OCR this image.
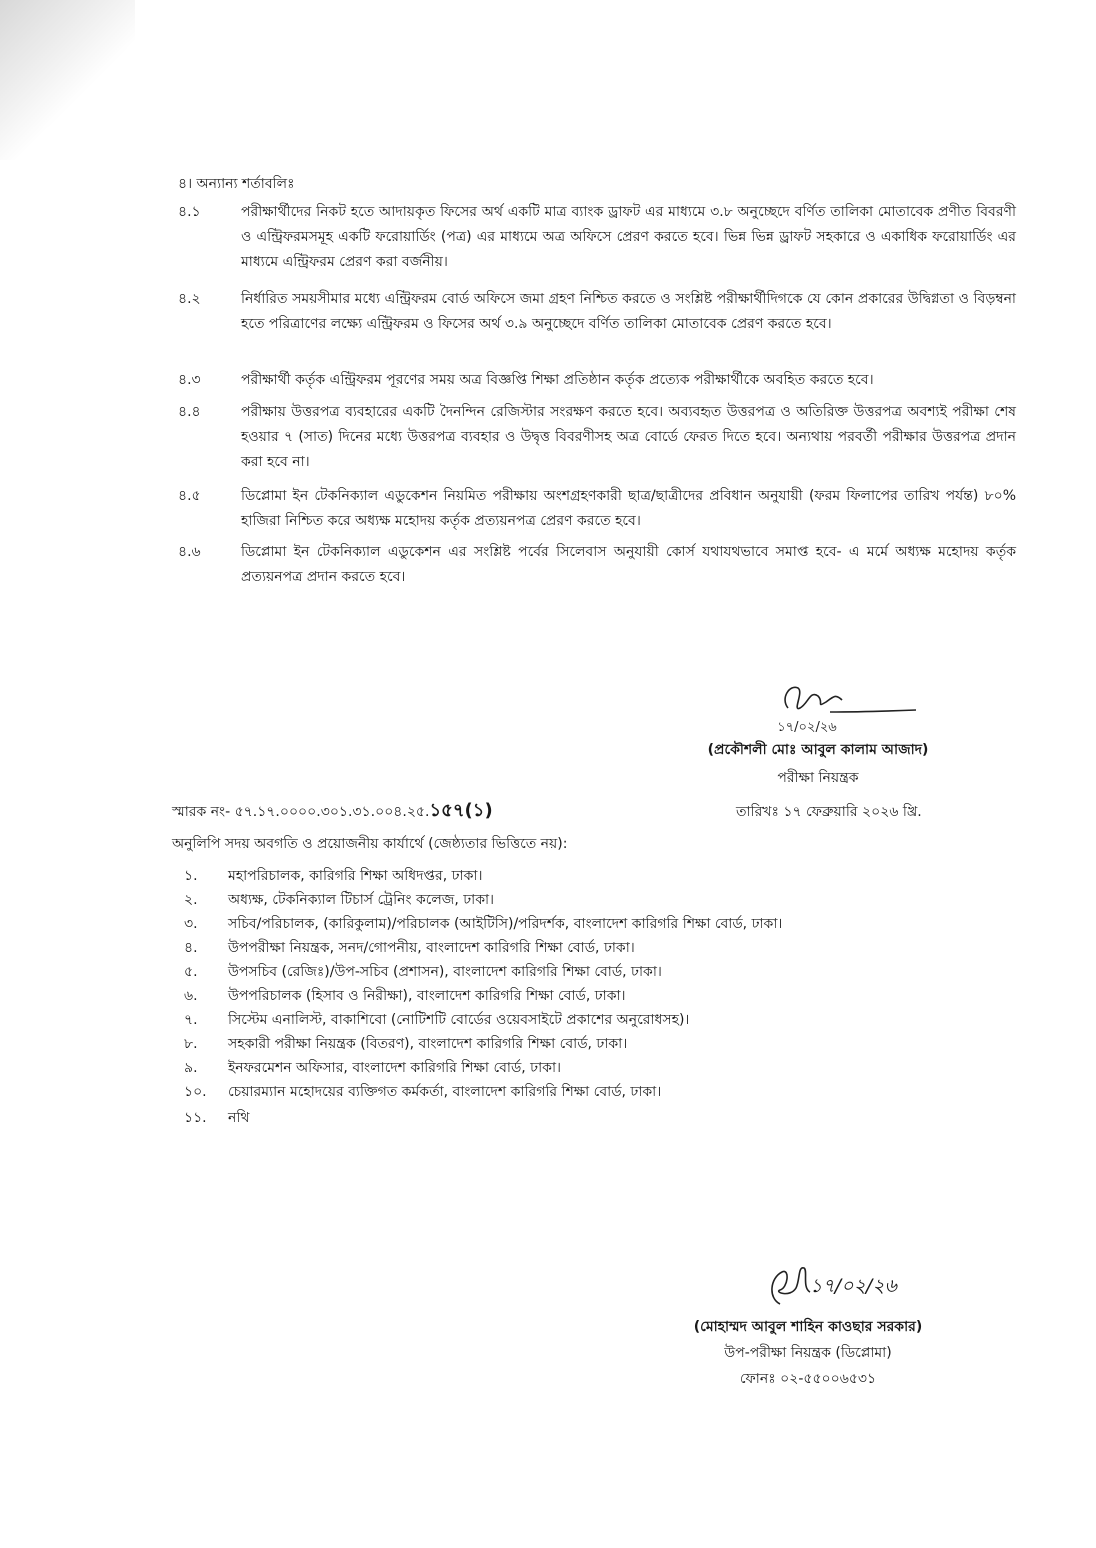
৪। অন্যান্য শর্তাবলিঃ
৪.১	পরীক্ষার্থীদের নিকট হতে আদায়কৃত ফিসের অর্থ একটি মাত্র ব্যাংক ড্রাফট এর মাধ্যমে ৩.৮ অনুচ্ছেদে বর্ণিত তালিকা মোতাবেক প্রণীত বিবরণী ও এন্ট্রিফরমসমূহ একটি ফরোয়ার্ডিং (পত্র) এর মাধ্যমে অত্র অফিসে প্রেরণ করতে হবে। ভিন্ন ভিন্ন ড্রাফট সহকারে ও একাধিক ফরোয়ার্ডিং এর মাধ্যমে এন্ট্রিফরম প্রেরণ করা বর্জনীয়।
৪.২	নির্ধারিত সময়সীমার মধ্যে এন্ট্রিফরম বোর্ড অফিসে জমা গ্রহণ নিশ্চিত করতে ও সংশ্লিষ্ট পরীক্ষার্থীদিগকে যে কোন প্রকারের উদ্বিগ্নতা ও বিড়ম্বনা হতে পরিত্রাণের লক্ষ্যে এন্ট্রিফরম ও ফিসের অর্থ ৩.৯ অনুচ্ছেদে বর্ণিত তালিকা মোতাবেক প্রেরণ করতে হবে।
৪.৩	পরীক্ষার্থী কর্তৃক এন্ট্রিফরম পূরণের সময় অত্র বিজ্ঞপ্তি শিক্ষা প্রতিষ্ঠান কর্তৃক প্রত্যেক পরীক্ষার্থীকে অবহিত করতে হবে।
৪.৪	পরীক্ষায় উত্তরপত্র ব্যবহারের একটি দৈনন্দিন রেজিস্টার সংরক্ষণ করতে হবে। অব্যবহৃত উত্তরপত্র ও অতিরিক্ত উত্তরপত্র অবশ্যই পরীক্ষা শেষ হওয়ার ৭ (সাত) দিনের মধ্যে উত্তরপত্র ব্যবহার ও উদ্বৃত্ত বিবরণীসহ অত্র বোর্ডে ফেরত দিতে হবে। অন্যথায় পরবর্তী পরীক্ষার উত্তরপত্র প্রদান করা হবে না।
৪.৫	ডিপ্লোমা ইন টেকনিক্যাল এডুকেশন নিয়মিত পরীক্ষায় অংশগ্রহণকারী ছাত্র/ছাত্রীদের প্রবিধান অনুযায়ী (ফরম ফিলাপের তারিখ পর্যন্ত) ৮০% হাজিরা নিশ্চিত করে অধ্যক্ষ মহোদয় কর্তৃক প্রত্যয়নপত্র প্রেরণ করতে হবে।
৪.৬	ডিপ্লোমা ইন টেকনিক্যাল এডুকেশন এর সংশ্লিষ্ট পর্বের সিলেবাস অনুযায়ী কোর্স যথাযথভাবে সমাপ্ত হবে- এ মর্মে অধ্যক্ষ মহোদয় কর্তৃক প্রত্যয়নপত্র প্রদান করতে হবে।
১৭/০২/২৬
(প্রকৌশলী মোঃ আবুল কালাম আজাদ)
পরীক্ষা নিয়ন্ত্রক
স্মারক নং- ৫৭.১৭.০০০০.৩০১.৩১.০০৪.২৫.১৫৭(১)	তারিখঃ ১৭ ফেব্রুয়ারি ২০২৬ খ্রি.
অনুলিপি সদয় অবগতি ও প্রয়োজনীয় কার্যার্থে (জেষ্ঠ্যতার ভিত্তিতে নয়):
১. মহাপরিচালক, কারিগরি শিক্ষা অধিদপ্তর, ঢাকা।
২. অধ্যক্ষ, টেকনিক্যাল টিচার্স ট্রেনিং কলেজ, ঢাকা।
৩. সচিব/পরিচালক, (কারিকুলাম)/পরিচালক (আইটিসি)/পরিদর্শক, বাংলাদেশ কারিগরি শিক্ষা বোর্ড, ঢাকা।
৪. উপপরীক্ষা নিয়ন্ত্রক, সনদ/গোপনীয়, বাংলাদেশ কারিগরি শিক্ষা বোর্ড, ঢাকা।
৫. উপসচিব (রেজিঃ)/উপ-সচিব (প্রশাসন), বাংলাদেশ কারিগরি শিক্ষা বোর্ড, ঢাকা।
৬. উপপরিচালক (হিসাব ও নিরীক্ষা), বাংলাদেশ কারিগরি শিক্ষা বোর্ড, ঢাকা।
৭. সিস্টেম এনালিস্ট, বাকাশিবো (নোটিশটি বোর্ডের ওয়েবসাইটে প্রকাশের অনুরোধসহ)।
৮. সহকারী পরীক্ষা নিয়ন্ত্রক (বিতরণ), বাংলাদেশ কারিগরি শিক্ষা বোর্ড, ঢাকা।
৯. ইনফরমেশন অফিসার, বাংলাদেশ কারিগরি শিক্ষা বোর্ড, ঢাকা।
১০. চেয়ারম্যান মহোদয়ের ব্যক্তিগত কর্মকর্তা, বাংলাদেশ কারিগরি শিক্ষা বোর্ড, ঢাকা।
১১. নথি
১৭/০২/২৬
(মোহাম্মদ আবুল শাহিন কাওছার সরকার)
উপ-পরীক্ষা নিয়ন্ত্রক (ডিপ্লোমা)
ফোনঃ ০২-৫৫০০৬৫৩১
